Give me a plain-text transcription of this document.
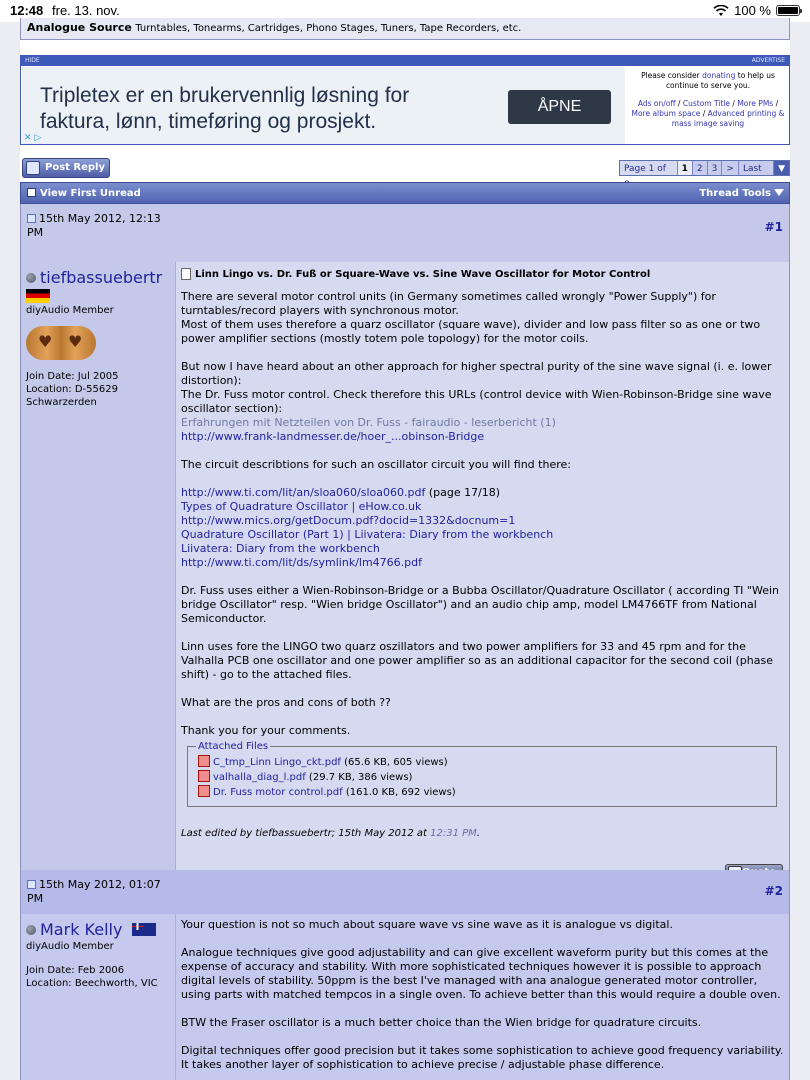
12:48 fre. 13. nov.	100 %
Analogue Source Turntables, Tonearms, Cartridges, Phono Stages, Tuners, Tape Recorders, etc.
HIDE	ADVERTISE
Tripletex er en brukervennlig løsning for
faktura, lønn, timeføring og prosjekt.
ÅPNE
✕ ▷
Please consider donating to help us continue to serve you.
Ads on/off / Custom Title / More PMs / More album space / Advanced printing & mass image saving
Post Reply	Page 1 of	1	2	3	>	Last	▼
View First Unread	Thread Tools
15th May 2012, 12:13
PM	#1
tiefbassuebertr
diyAudio Member
♥ ♥
Join Date: Jul 2005
Location: D-55629 Schwarzerden
Linn Lingo vs. Dr. Fuß or Square-Wave vs. Sine Wave Oscillator for Motor Control

There are several motor control units (in Germany sometimes called wrongly "Power Supply") for turntables/record players with synchronous motor.

Most of them uses therefore a quarz oscillator (square wave), divider and low pass filter so as one or two power amplifier sections (mostly totem pole topology) for the motor coils.

But now I have heard about an other approach for higher spectral purity of the sine wave signal (i. e. lower distortion):

The Dr. Fuss motor control. Check therefore this URLs (control device with Wien-Robinson-Bridge sine wave oscillator section):

Erfahrungen mit Netzteilen von Dr. Fuss - fairaudio - leserbericht (1)

http://www.frank-landmesser.de/hoer_...obinson-Bridge

The circuit describtions for such an oscillator circuit you will find there:

http://www.ti.com/lit/an/sloa060/sloa060.pdf (page 17/18)

Types of Quadrature Oscillator | eHow.co.uk

http://www.mics.org/getDocum.pdf?docid=1332&docnum=1

Quadrature Oscillator (Part 1) | Liivatera: Diary from the workbench

Liivatera: Diary from the workbench

http://www.ti.com/lit/ds/symlink/lm4766.pdf

Dr. Fuss uses either a Wien-Robinson-Bridge or a Bubba Oscillator/Quadrature Oscillator ( according TI "Wein bridge Oscillator" resp. "Wien bridge Oscillator") and an audio chip amp, model LM4766TF from National Semiconductor.

Linn uses fore the LINGO two quarz oszillators and two power amplifiers for 33 and 45 rpm and for the Valhalla PCB one oscillator and one power amplifier so as an additional capacitor for the second coil (phase shift) - go to the attached files.

What are the pros and cons of both ??

Thank you for your comments.

Attached Files
C_tmp_Linn Lingo_ckt.pdf (65.6 KB, 605 views)
valhalla_diag_l.pdf (29.7 KB, 386 views)
Dr. Fuss motor control.pdf (161.0 KB, 692 views)
Last edited by tiefbassuebertr; 15th May 2012 at 12:31 PM.
15th May 2012, 01:07
PM
#2
Mark Kelly
diyAudio Member
Join Date: Feb 2006
Location: Beechworth, VIC

Your question is not so much about square wave vs sine wave as it is analogue vs digital.

Analogue techniques give good adjustability and can give excellent waveform purity but this comes at the expense of accuracy and stability. With more sophisticated techniques however it is possible to approach digital levels of stability. 50ppm is the best I've managed with ana analogue generated motor controller, using parts with matched tempcos in a single oven. To achieve better than this would require a double oven.

BTW the Fraser oscillator is a much better choice than the Wien bridge for quadrature circuits.

Digital techniques offer good precision but it takes some sophistication to achieve good frequency variability. It takes another layer of sophistication to achieve precise / adjustable phase difference.
